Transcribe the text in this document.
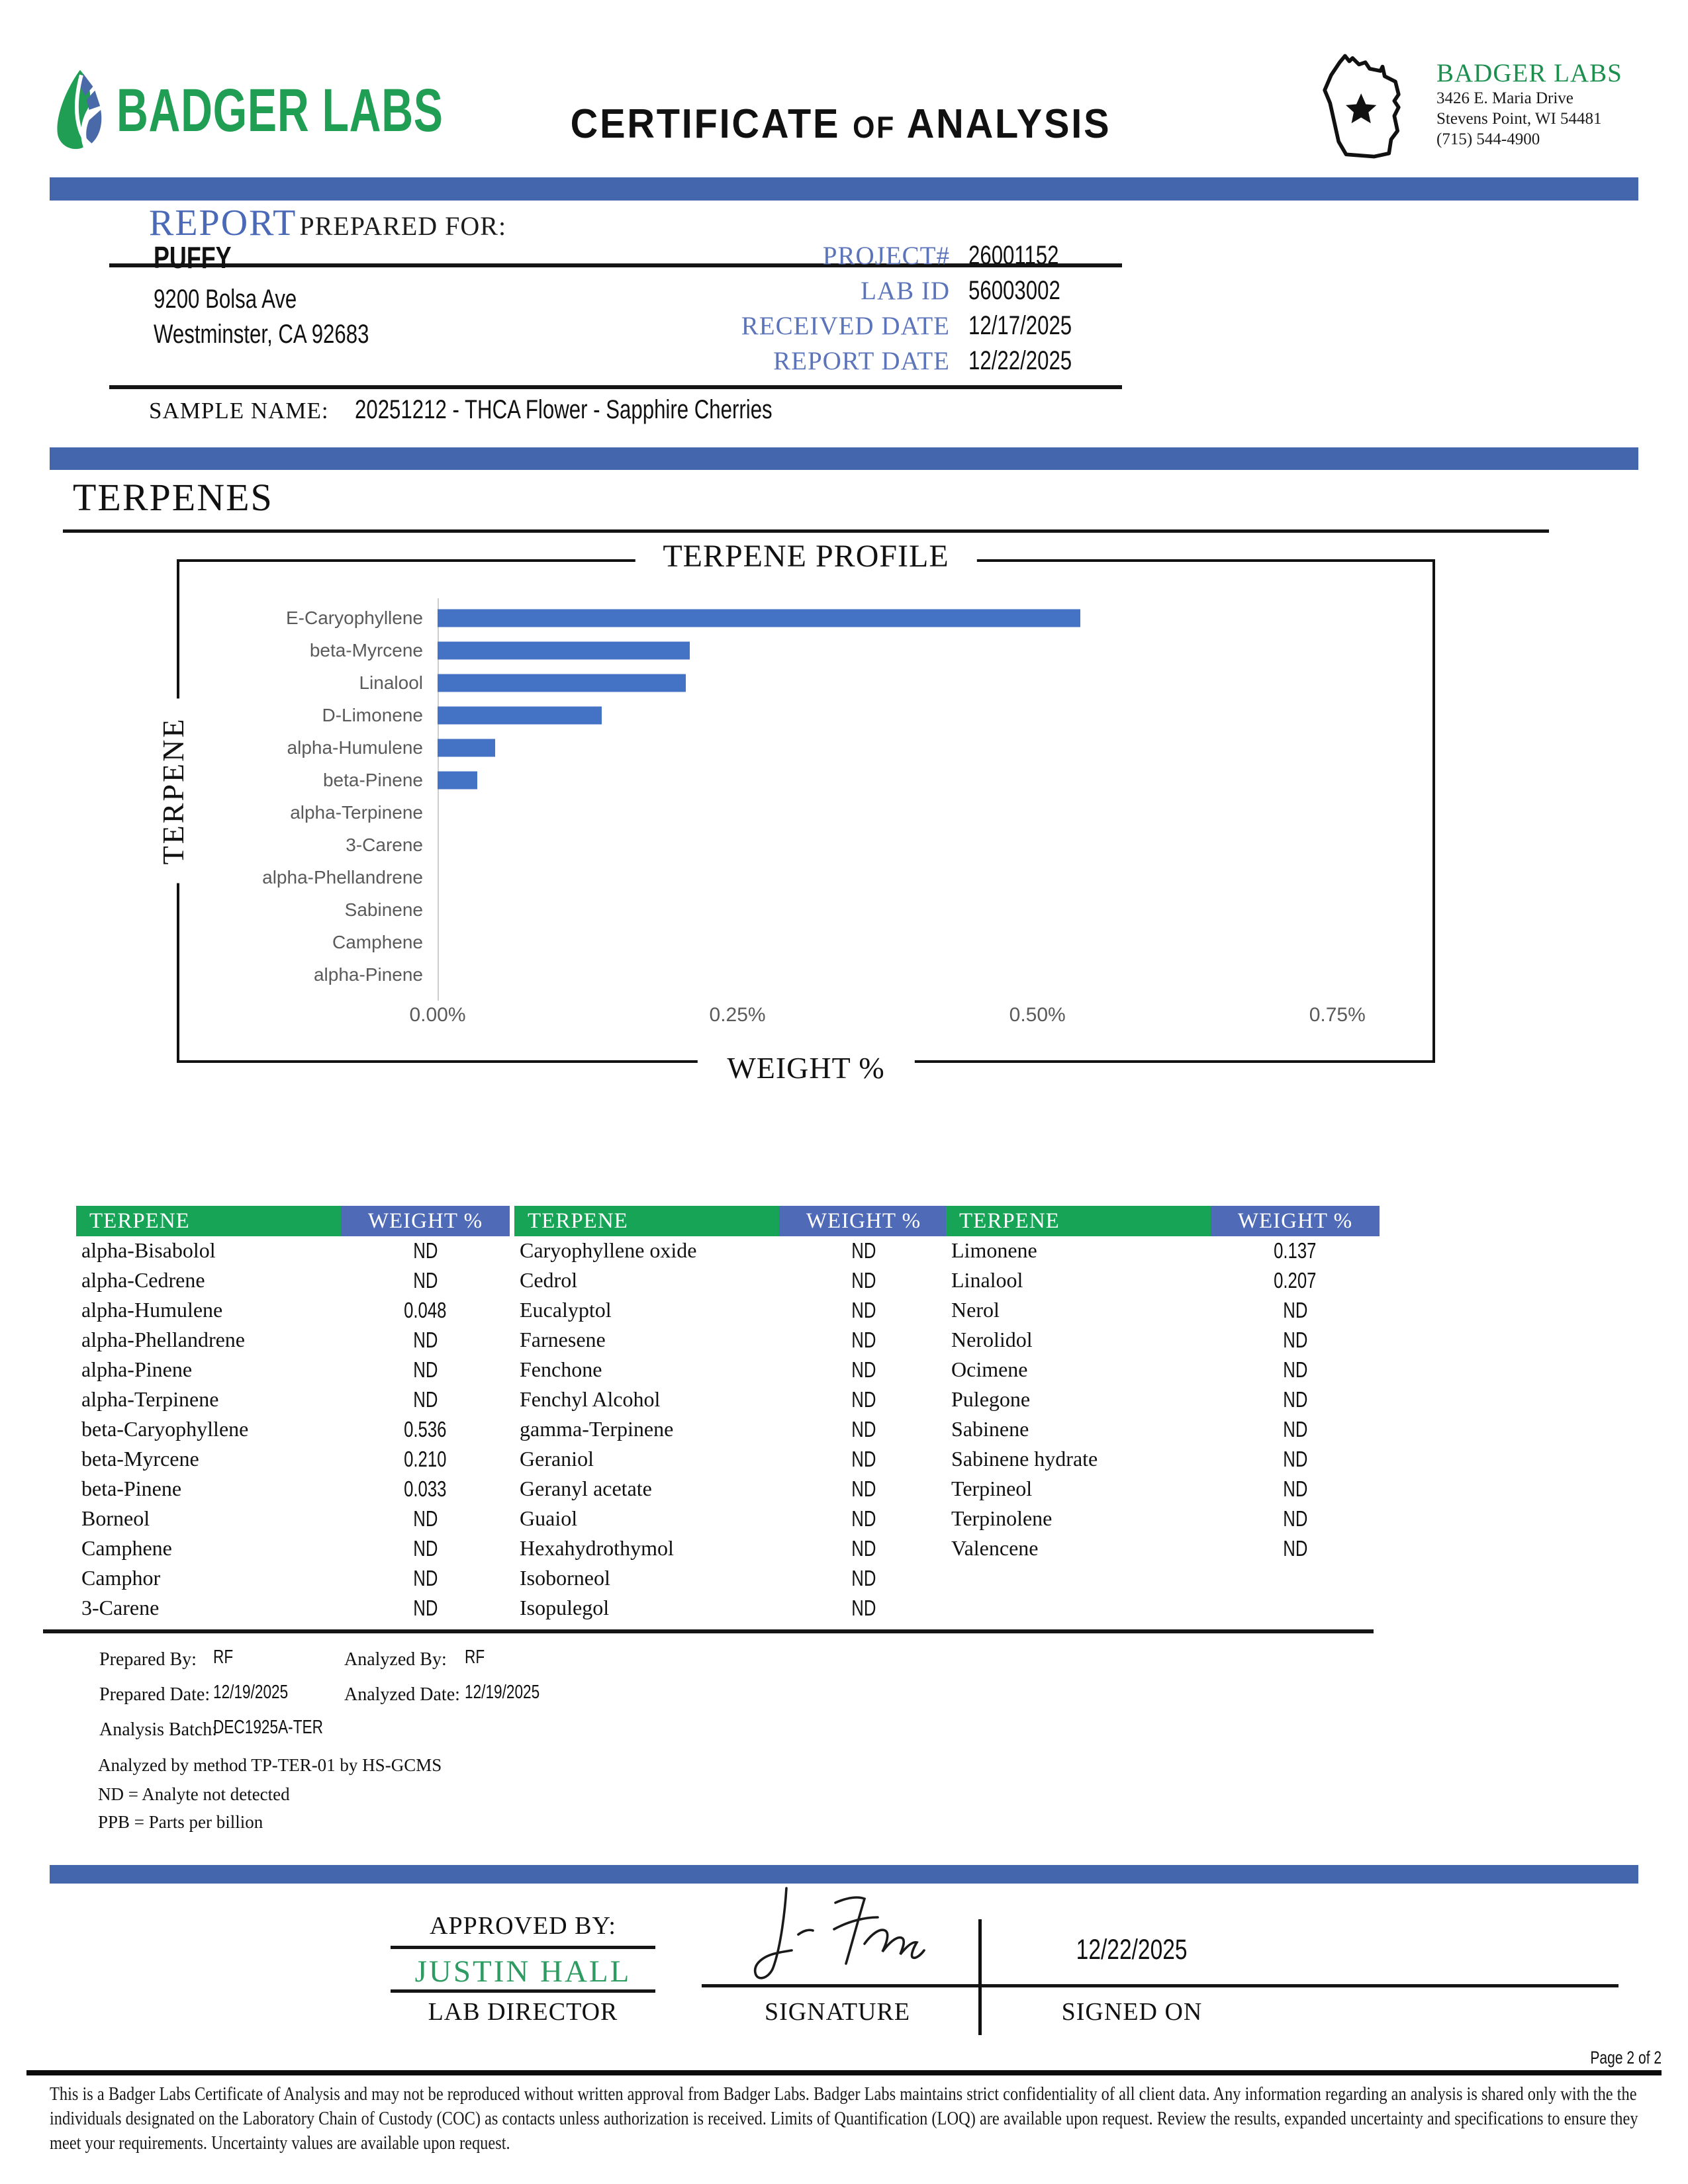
BADGER LABS	CERTIFICATE OF ANALYSIS
BADGER LABS
3426 E. Maria Drive
Stevens Point, WI 54481
(715) 544-4900
REPORT PREPARED FOR:
PUFFY
9200 Bolsa Ave
Westminster, CA 92683
PROJECT# 26001152
LAB ID 56003002
RECEIVED DATE 12/17/2025
REPORT DATE 12/22/2025
SAMPLE NAME: 20251212 - THCA Flower - Sapphire Cherries
TERPENES
TERPENE PROFILE
TERPENE
WEIGHT %
E-Caryophyllene
beta-Myrcene
Linalool
D-Limonene
alpha-Humulene
beta-Pinene
alpha-Terpinene
3-Carene
alpha-Phellandrene
Sabinene
Camphene
alpha-Pinene
0.00%	0.25%	0.50%	0.75%
TERPENE	WEIGHT %
alpha-Bisabolol	ND
alpha-Cedrene	ND
alpha-Humulene	0.048
alpha-Phellandrene	ND
alpha-Pinene	ND
alpha-Terpinene	ND
beta-Caryophyllene	0.536
beta-Myrcene	0.210
beta-Pinene	0.033
Borneol	ND
Camphene	ND
Camphor	ND
3-Carene	ND
TERPENE	WEIGHT %
Caryophyllene oxide	ND
Cedrol	ND
Eucalyptol	ND
Farnesene	ND
Fenchone	ND
Fenchyl Alcohol	ND
gamma-Terpinene	ND
Geraniol	ND
Geranyl acetate	ND
Guaiol	ND
Hexahydrothymol	ND
Isoborneol	ND
Isopulegol	ND
TERPENE	WEIGHT %
Limonene	0.137
Linalool	0.207
Nerol	ND
Nerolidol	ND
Ocimene	ND
Pulegone	ND
Sabinene	ND
Sabinene hydrate	ND
Terpineol	ND
Terpinolene	ND
Valencene	ND
Prepared By: RF	Analyzed By: RF
Prepared Date: 12/19/2025	Analyzed Date: 12/19/2025
Analysis Batch:
DEC1925A-TER
Analyzed by method TP-TER-01 by HS-GCMS
ND = Analyte not detected
PPB = Parts per billion
APPROVED BY:
JUSTIN HALL
LAB DIRECTOR	SIGNATURE
12/22/2025
SIGNED ON
Page 2 of 2
This is a Badger Labs Certificate of Analysis and may not be reproduced without written approval from Badger Labs. Badger Labs maintains strict confidentiality of all client data. Any information regarding an analysis is shared only with the the individuals designated on the Laboratory Chain of Custody (COC) as contacts unless authorization is received. Limits of Quantification (LOQ) are available upon request. Review the results, expanded uncertainty and specifications to ensure they meet your requirements. Uncertainty values are available upon request.
